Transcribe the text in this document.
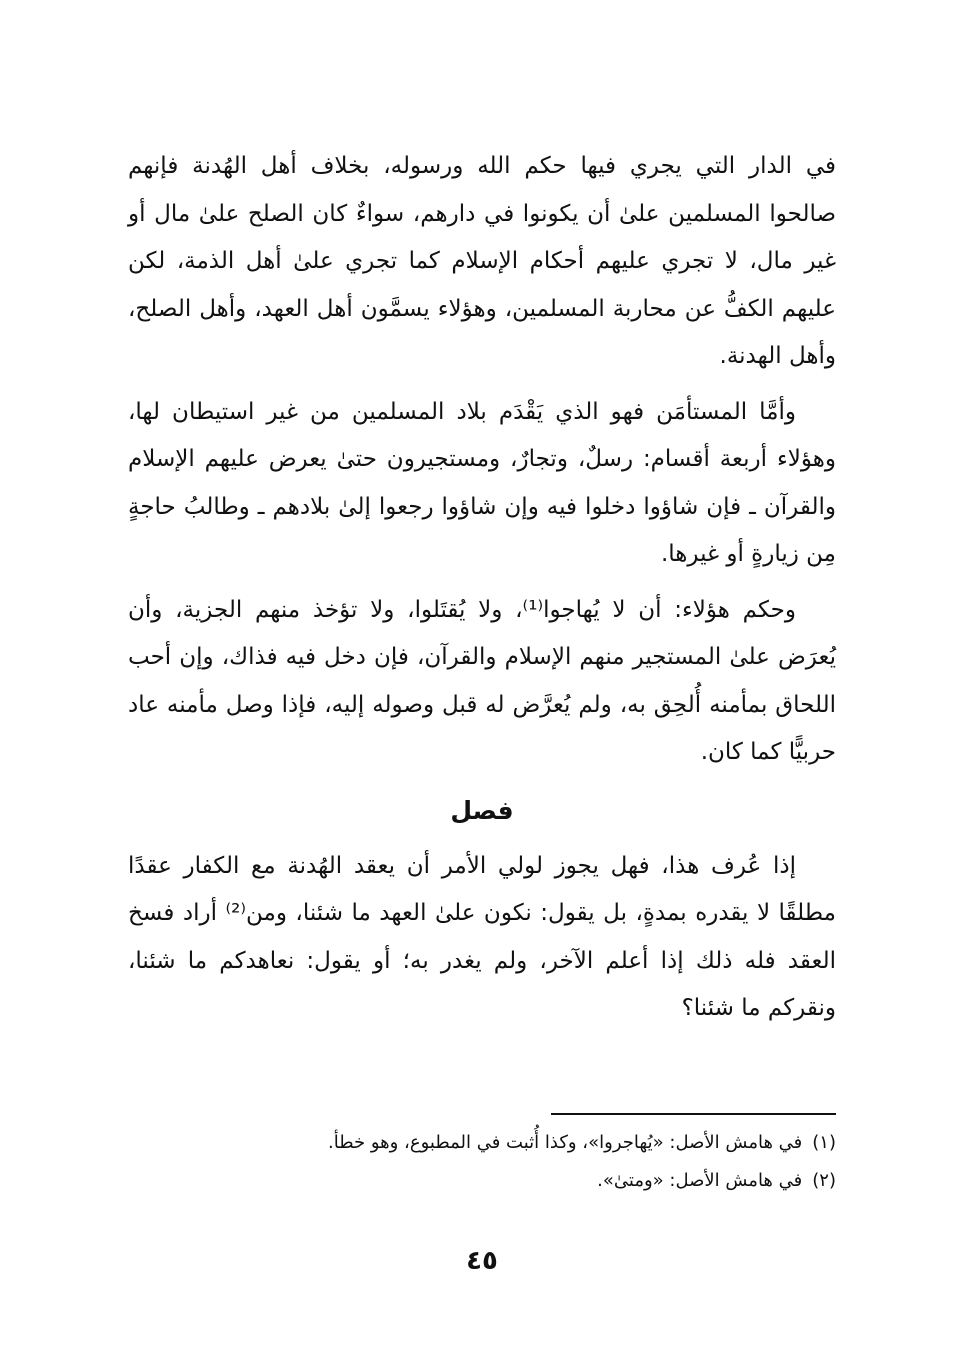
في الدار التي يجري فيها حكم الله ورسوله، بخلاف أهل الهُدنة فإنهم صالحوا المسلمين علىٰ أن يكونوا في دارهم، سواءٌ كان الصلح علىٰ مال أو غير مال، لا تجري عليهم أحكام الإسلام كما تجري علىٰ أهل الذمة، لكن عليهم الكفُّ عن محاربة المسلمين، وهؤلاء يسمَّون أهل العهد، وأهل الصلح، وأهل الهدنة.

وأمَّا المستأمَن فهو الذي يَقْدَم بلاد المسلمين من غير استيطان لها، وهؤلاء أربعة أقسام: رسلٌ، وتجارٌ، ومستجيرون حتىٰ يعرض عليهم الإسلام والقرآن ـ فإن شاؤوا دخلوا فيه وإن شاؤوا رجعوا إلىٰ بلادهم ـ وطالبُ حاجةٍ مِن زيارةٍ أو غيرها.

وحكم هؤلاء: أن لا يُهاجوا⁽¹⁾، ولا يُقتَلوا، ولا تؤخذ منهم الجزية، وأن يُعرَض علىٰ المستجير منهم الإسلام والقرآن، فإن دخل فيه فذاك، وإن أحب اللحاق بمأمنه أُلحِق به، ولم يُعرَّض له قبل وصوله إليه، فإذا وصل مأمنه عاد حربيًّا كما كان.

فصل

إذا عُرف هذا، فهل يجوز لولي الأمر أن يعقد الهُدنة مع الكفار عقدًا مطلقًا لا يقدره بمدةٍ، بل يقول: نكون علىٰ العهد ما شئنا، ومن⁽²⁾ أراد فسخ العقد فله ذلك إذا أعلم الآخر، ولم يغدر به؛ أو يقول: نعاهدكم ما شئنا، ونقركم ما شئنا؟

(١)في هامش الأصل: «يُهاجروا»، وكذا أُثبت في المطبوع، وهو خطأ.

(٢)في هامش الأصل: «ومتىٰ».

٤٥
